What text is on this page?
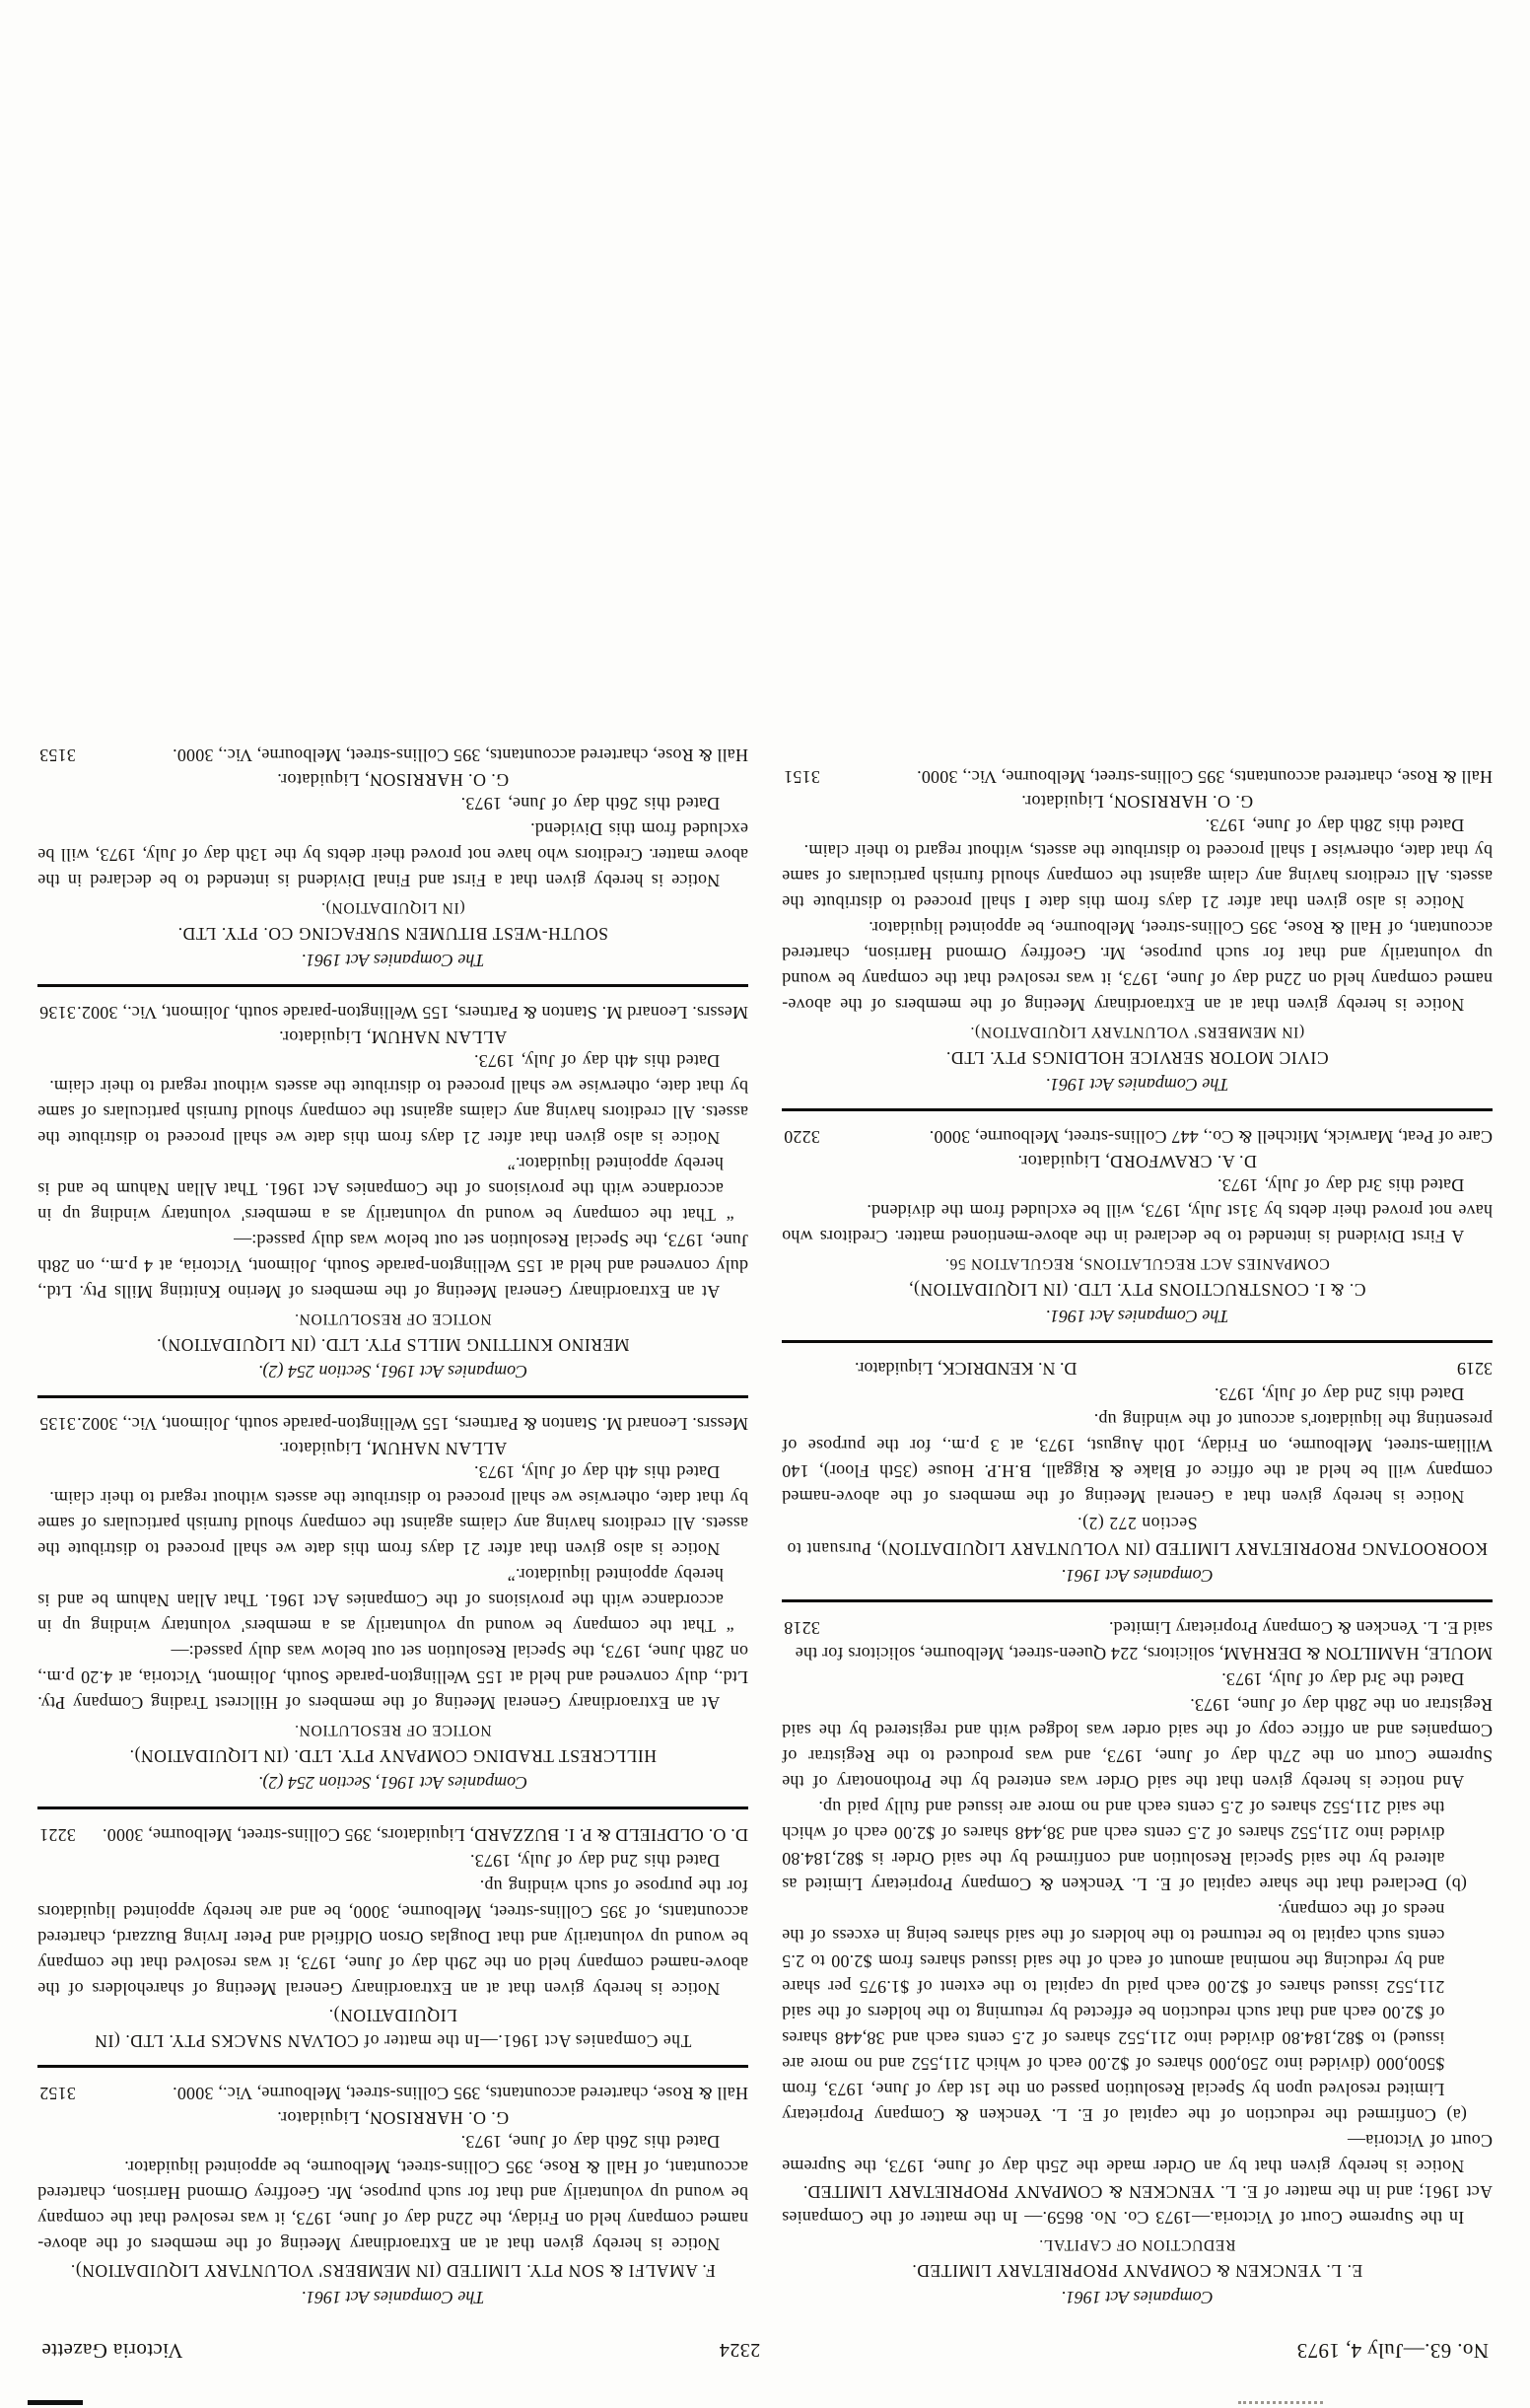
No. 63.—July 4, 1973
2324
Victoria Gazette
Companies Act 1961.
E. L. YENCKEN & COMPANY PROPRIETARY LIMITED.
REDUCTION OF CAPITAL.
In the Supreme Court of Victoria.—1973 Co. No. 8659.— In the matter of the Companies Act 1961; and in the matter of E. L. YENCKEN & COMPANY PROPRIETARY LIMITED.
Notice is hereby given that by an Order made the 25th day of June, 1973, the Supreme Court of Victoria—
(a) Confirmed the reduction of the capital of E. L. Yencken & Company Proprietary Limited resolved upon by Special Resolution passed on the 1st day of June, 1973, from $500,000 (divided into 250,000 shares of $2.00 each of which 211,552 and no more are issued) to $82,184.80 divided into 211,552 shares of 2.5 cents each and 38,448 shares of $2.00 each and that such reduction be effected by returning to the holders of the said 211,552 issued shares of $2.00 each paid up capital to the extent of $1.975 per share and by reducing the nominal amount of each of the said issued shares from $2.00 to 2.5 cents such capital to be returned to the holders of the said shares being in excess of the needs of the company.
(b) Declared that the share capital of E. L. Yencken & Company Proprietary Limited as altered by the said Special Resolution and confirmed by the said Order is $82,184.80 divided into 211,552 shares of 2.5 cents each and 38,448 shares of $2.00 each of which the said 211,552 shares of 2.5 cents each and no more are issued and fully paid up.
And notice is hereby given that the said Order was entered by the Prothonotary of the Supreme Court on the 27th day of June, 1973, and was produced to the Registrar of Companies and an office copy of the said order was lodged with and registered by the said Registrar on the 28th day of June, 1973.
Dated the 3rd day of July, 1973.
MOULE, HAMILTON & DERHAM, solicitors, 224 Queen-street, Melbourne, solicitors for the said E. L. Yencken & Company Proprietary Limited.
3218
Companies Act 1961.
KOOROOTANG PROPRIETARY LIMITED (IN VOLUNTARY LIQUIDATION), Pursuant to Section 272 (2).
Notice is hereby given that a General Meeting of the members of the above-named company will be held at the office of Blake & Riggall, B.H.P. House (35th Floor), 140 William-street, Melbourne, on Friday, 10th August, 1973, at 3 p.m., for the purpose of presenting the liquidator's account of the winding up.
Dated this 2nd day of July, 1973.
3219
D. N. KENDRICK, Liquidator.
The Companies Act 1961.
C. & I. CONSTRUCTIONS PTY. LTD. (IN LIQUIDATION),
COMPANIES ACT REGULATIONS, REGULATION 56.
A First Dividend is intended to be declared in the above-mentioned matter. Creditors who have not proved their debts by 31st July, 1973, will be excluded from the dividend.
Dated this 3rd day of July, 1973.
D. A. CRAWFORD, Liquidator.
Care of Peat, Marwick, Mitchell & Co., 447 Collins-street, Melbourne, 3000.
3220
The Companies Act 1961.
CIVIC MOTOR SERVICE HOLDINGS PTY. LTD.
(IN MEMBERS' VOLUNTARY LIQUIDATION).
Notice is hereby given that at an Extraordinary Meeting of the members of the above-named company held on 22nd day of June, 1973, it was resolved that the company be wound up voluntarily and that for such purpose, Mr. Geoffrey Ormond Harrison, chartered accountant, of Hall & Rose, 395 Collins-street, Melbourne, be appointed liquidator.
Notice is also given that after 21 days from this date I shall proceed to distribute the assets. All creditors having any claim against the company should furnish particulars of same by that date, otherwise I shall proceed to distribute the assets, without regard to their claim.
Dated this 28th day of June, 1973.
G. O. HARRISON, Liquidator.
Hall & Rose, chartered accountants, 395 Collins-street, Melbourne, Vic., 3000.
3151
The Companies Act 1961.
F. AMALFI & SON PTY. LIMITED (IN MEMBERS' VOLUNTARY LIQUIDATION).
Notice is hereby given that at an Extraordinary Meeting of the members of the above-named company held on Friday, the 22nd day of June, 1973, it was resolved that the company be wound up voluntarily and that for such purpose, Mr. Geoffrey Ormond Harrison, chartered accountant, of Hall & Rose, 395 Collins-street, Melbourne, be appointed liquidator.
Dated this 26th day of June, 1973.
G. O. HARRISON, Liquidator.
Hall & Rose, chartered accountants, 395 Collins-street, Melbourne, Vic., 3000.
3152
The Companies Act 1961.—In the matter of COLVAN SNACKS PTY. LTD. (IN LIQUIDATION).
Notice is hereby given that at an Extraordinary General Meeting of shareholders of the above-named company held on the 29th day of June, 1973, it was resolved that the company be wound up voluntarily and that Douglas Orson Oldfield and Peter Irving Buzzard, chartered accountants, of 395 Collins-street, Melbourne, 3000, be and are hereby appointed liquidators for the purpose of such winding up.
Dated this 2nd day of July, 1973.
D. O. OLDFIELD & P. I. BUZZARD, Liquidators, 395 Collins-street, Melbourne, 3000.
3221
Companies Act 1961, Section 254 (2).
HILLCREST TRADING COMPANY PTY. LTD. (IN LIQUIDATION).
NOTICE OF RESOLUTION.
At an Extraordinary General Meeting of the members of Hillcrest Trading Company Pty. Ltd., duly convened and held at 155 Wellington-parade South, Jolimont, Victoria, at 4.20 p.m., on 28th June, 1973, the Special Resolution set out below was duly passed:—
“ That the company be wound up voluntarily as a members' voluntary winding up in accordance with the provisions of the Companies Act 1961. That Allan Nahum be and is hereby appointed liquidator.”
Notice is also given that after 21 days from this date we shall proceed to distribute the assets. All creditors having any claims against the company should furnish particulars of same by that date, otherwise we shall proceed to distribute the assets without regard to their claim.
Dated this 4th day of July, 1973.
ALLAN NAHUM, Liquidator.
Messrs. Leonard M. Stanton & Partners, 155 Wellington-parade south, Jolimont, Vic., 3002.
3135
Companies Act 1961, Section 254 (2).
MERINO KNITTING MILLS PTY. LTD. (IN LIQUIDATION).
NOTICE OF RESOLUTION.
At an Extraordinary General Meeting of the members of Merino Knitting Mills Pty. Ltd., duly convened and held at 155 Wellington-parade South, Jolimont, Victoria, at 4 p.m., on 28th June, 1973, the Special Resolution set out below was duly passed:—
“ That the company be wound up voluntarily as a members' voluntary winding up in accordance with the provisions of the Companies Act 1961. That Allan Nahum be and is hereby appointed liquidator.”
Notice is also given that after 21 days from this date we shall proceed to distribute the assets. All creditors having any claims against the company should furnish particulars of same by that date, otherwise we shall proceed to distribute the assets without regard to their claim.
Dated this 4th day of July, 1973.
ALLAN NAHUM, Liquidator.
Messrs. Leonard M. Stanton & Partners, 155 Wellington-parade south, Jolimont, Vic., 3002.
3136
The Companies Act 1961.
SOUTH-WEST BITUMEN SURFACING CO. PTY. LTD.
(IN LIQUIDATION).
Notice is hereby given that a First and Final Dividend is intended to be declared in the above matter. Creditors who have not proved their debts by the 13th day of July, 1973, will be excluded from this Dividend.
Dated this 26th day of June, 1973.
G. O. HARRISON, Liquidator.
Hall & Rose, chartered accountants, 395 Collins-street, Melbourne, Vic., 3000.
3153
